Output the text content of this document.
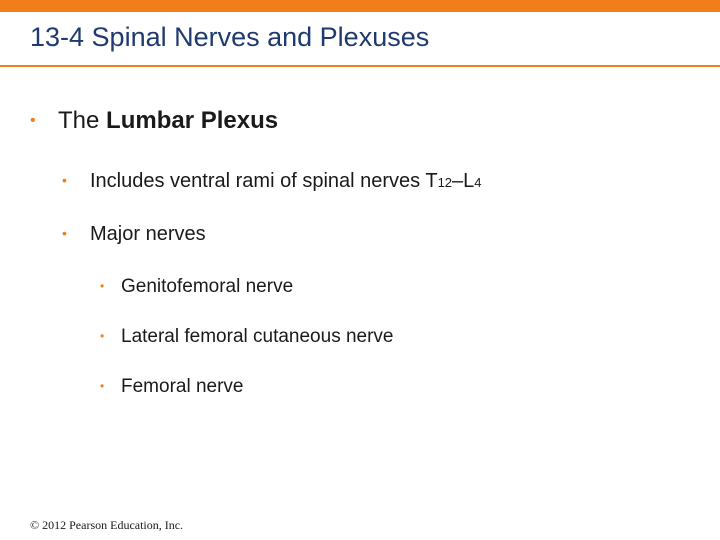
13-4 Spinal Nerves and Plexuses
• The Lumbar Plexus
•	Includes ventral rami of spinal nerves T 12 –L 4
•	Major nerves
• Genitofemoral nerve
• Lateral femoral cutaneous nerve
• Femoral nerve
© 2012 Pearson Education, Inc.
